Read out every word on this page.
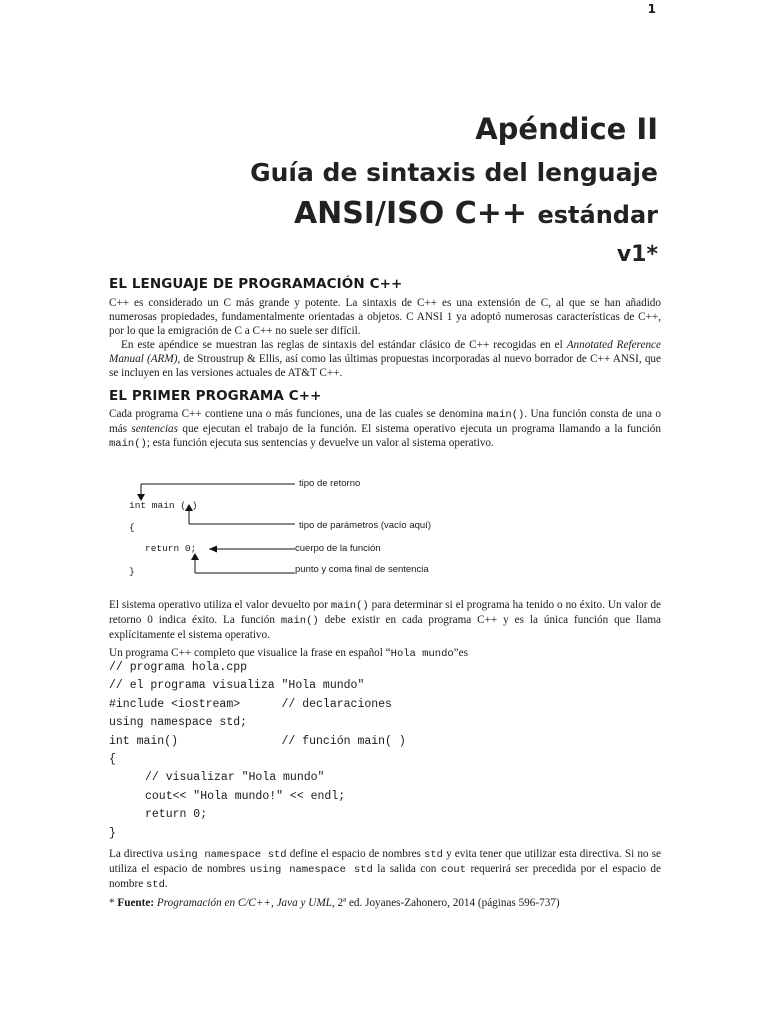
1
Apéndice II
Guía de sintaxis del lenguaje
ANSI/ISO C++ estándar
v1*
EL LENGUAJE DE PROGRAMACIÓN C++

C++ es considerado un C más grande y potente. La sintaxis de C++ es una extensión de C, al que se han añadido numerosas propiedades, fundamentalmente orientadas a objetos. C ANSI 1 ya adoptó numerosas características de C++, por lo que la emigración de C a C++ no suele ser difícil.

En este apéndice se muestran las reglas de sintaxis del estándar clásico de C++ recogidas en el Annotated Reference Manual (ARM), de Stroustrup & Ellis, así como las últimas propuestas incorporadas al nuevo borrador de C++ ANSI, que se incluyen en las versiones actuales de AT&T C++.

EL PRIMER PROGRAMA C++

Cada programa C++ contiene una o más funciones, una de las cuales se denomina main(). Una función consta de una o más sentencias que ejecutan el trabajo de la función. El sistema operativo ejecuta un programa llamando a la función main(); esta función ejecuta sus sentencias y devuelve un valor al sistema operativo.

int main ( )
{
return 0;
}
tipo de retorno
tipo de parámetros (vacío aquí)
cuerpo de la función
punto y coma final de sentencia

El sistema operativo utiliza el valor devuelto por main() para determinar si el programa ha tenido o no éxito. Un valor de retorno 0 indica éxito. La función main() debe existir en cada programa C++ y es la única función que llama explícitamente el sistema operativo.

Un programa C++ completo que visualice la frase en español “Hola mundo”es

// programa hola.cpp
// el programa visualiza "Hola mundo"
#include <iostream>      // declaraciones
using namespace std;
int main()               // función main( )
{
// visualizar "Hola mundo"
cout<< "Hola mundo!" << endl;
return 0;
}

La directiva using namespace std define el espacio de nombres std y evita tener que utilizar esta directiva. Si no se utiliza el espacio de nombres using namespace std la salida con cout requerirá ser precedida por el espacio de nombre std.

* Fuente: Programación en C/C++, Java y UML, 2ª ed. Joyanes-Zahonero, 2014 (páginas 596-737)
